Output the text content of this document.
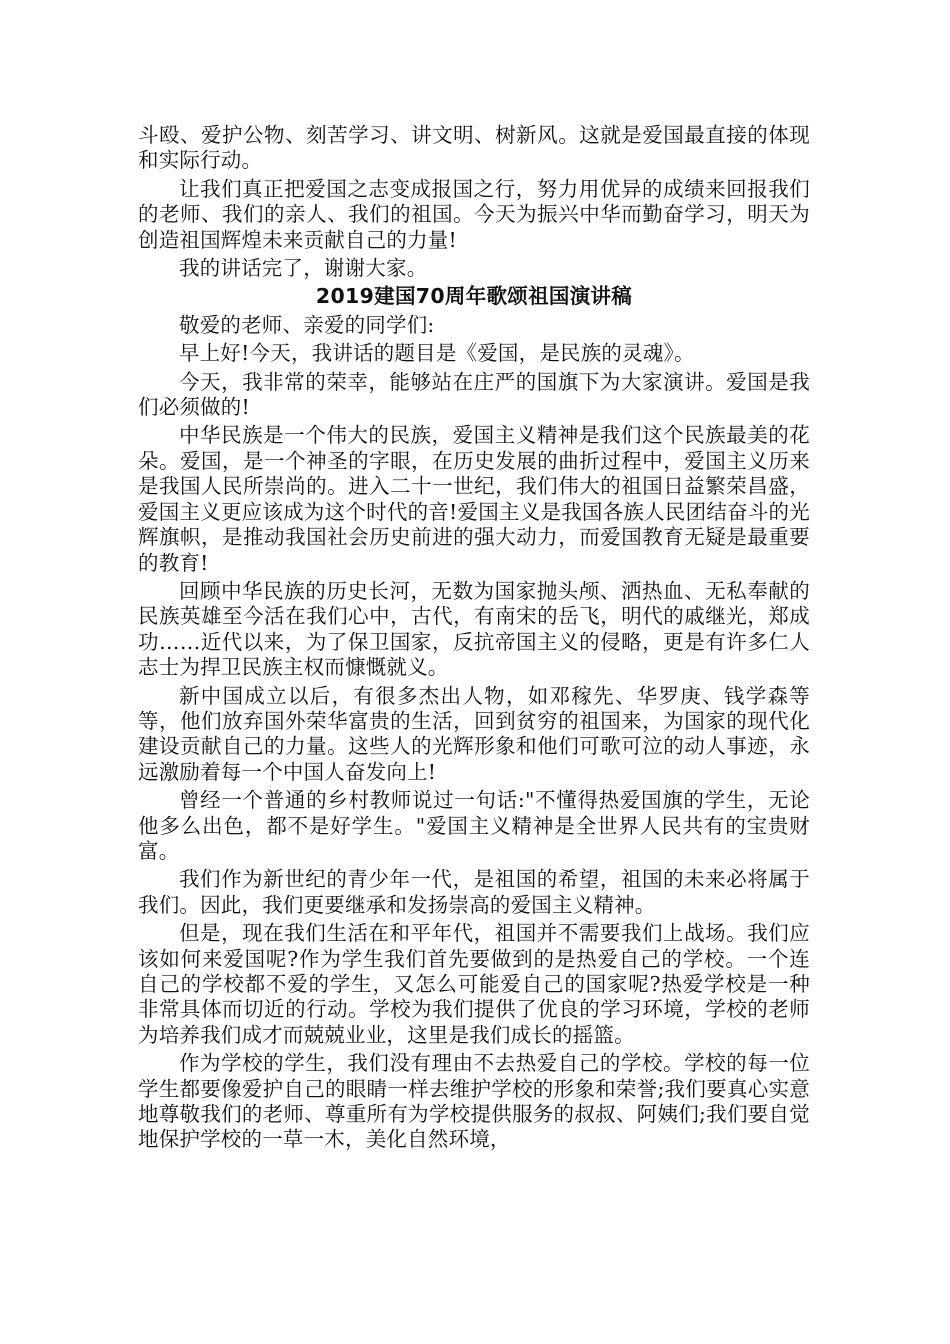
斗殴、爱护公物、刻苦学习、讲文明、树新风。这就是爱国最直接的体现和实际行动。

让我们真正把爱国之志变成报国之行，努力用优异的成绩来回报我们的老师、我们的亲人、我们的祖国。今天为振兴中华而勤奋学习，明天为创造祖国辉煌未来贡献自己的力量!

我的讲话完了，谢谢大家。

2019建国70周年歌颂祖国演讲稿

敬爱的老师、亲爱的同学们:

早上好!今天，我讲话的题目是《爱国，是民族的灵魂》。

今天，我非常的荣幸，能够站在庄严的国旗下为大家演讲。爱国是我们必须做的!

中华民族是一个伟大的民族，爱国主义精神是我们这个民族最美的花朵。爱国，是一个神圣的字眼，在历史发展的曲折过程中，爱国主义历来是我国人民所崇尚的。进入二十一世纪，我们伟大的祖国日益繁荣昌盛，爱国主义更应该成为这个时代的音!爱国主义是我国各族人民团结奋斗的光辉旗帜，是推动我国社会历史前进的强大动力，而爱国教育无疑是最重要的教育!

回顾中华民族的历史长河，无数为国家抛头颅、洒热血、无私奉献的民族英雄至今活在我们心中，古代，有南宋的岳飞，明代的戚继光，郑成功……近代以来，为了保卫国家，反抗帝国主义的侵略，更是有许多仁人志士为捍卫民族主权而慷慨就义。

新中国成立以后，有很多杰出人物，如邓稼先、华罗庚、钱学森等等，他们放弃国外荣华富贵的生活，回到贫穷的祖国来，为国家的现代化建设贡献自己的力量。这些人的光辉形象和他们可歌可泣的动人事迹，永远激励着每一个中国人奋发向上!

曾经一个普通的乡村教师说过一句话:"不懂得热爱国旗的学生，无论他多么出色，都不是好学生。"爱国主义精神是全世界人民共有的宝贵财富。

我们作为新世纪的青少年一代，是祖国的希望，祖国的未来必将属于我们。因此，我们更要继承和发扬崇高的爱国主义精神。

但是，现在我们生活在和平年代，祖国并不需要我们上战场。我们应该如何来爱国呢?作为学生我们首先要做到的是热爱自己的学校。一个连自己的学校都不爱的学生，又怎么可能爱自己的国家呢?热爱学校是一种非常具体而切近的行动。学校为我们提供了优良的学习环境，学校的老师为培养我们成才而兢兢业业，这里是我们成长的摇篮。

作为学校的学生，我们没有理由不去热爱自己的学校。学校的每一位学生都要像爱护自己的眼睛一样去维护学校的形象和荣誉;我们要真心实意地尊敬我们的老师、尊重所有为学校提供服务的叔叔、阿姨们;我们要自觉地保护学校的一草一木，美化自然环境，
